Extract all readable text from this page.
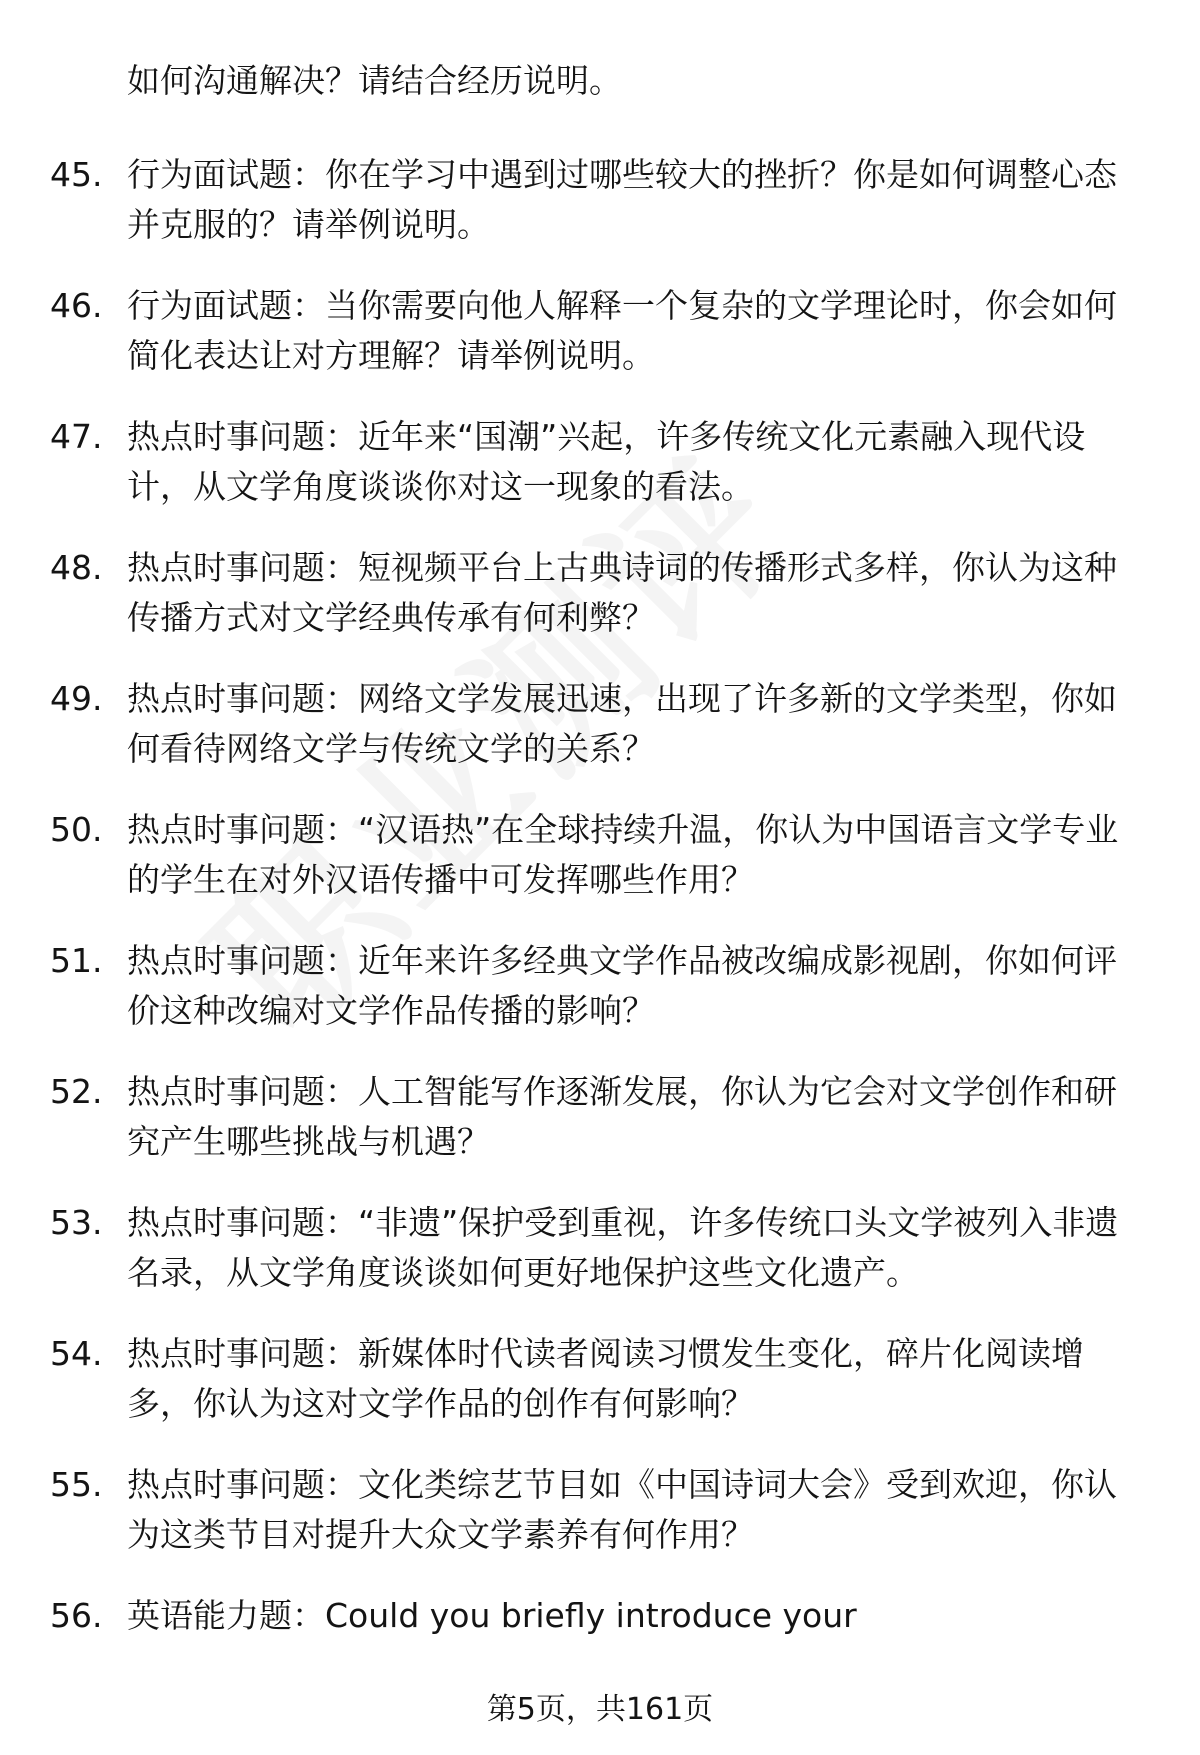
如何沟通解决？请结合经历说明。

45. 行为面试题：你在学习中遇到过哪些较大的挫折？你是如何调整心态并克服的？请举例说明。

46. 行为面试题：当你需要向他人解释一个复杂的文学理论时，你会如何简化表达让对方理解？请举例说明。

47. 热点时事问题：近年来“国潮”兴起，许多传统文化元素融入现代设计，从文学角度谈谈你对这一现象的看法。

48. 热点时事问题：短视频平台上古典诗词的传播形式多样，你认为这种传播方式对文学经典传承有何利弊？

49. 热点时事问题：网络文学发展迅速，出现了许多新的文学类型，你如何看待网络文学与传统文学的关系？

50. 热点时事问题：“汉语热”在全球持续升温，你认为中国语言文学专业的学生在对外汉语传播中可发挥哪些作用？

51. 热点时事问题：近年来许多经典文学作品被改编成影视剧，你如何评价这种改编对文学作品传播的影响？

52. 热点时事问题：人工智能写作逐渐发展，你认为它会对文学创作和研究产生哪些挑战与机遇？

53. 热点时事问题：“非遗”保护受到重视，许多传统口头文学被列入非遗名录，从文学角度谈谈如何更好地保护这些文化遗产。

54. 热点时事问题：新媒体时代读者阅读习惯发生变化，碎片化阅读增多，你认为这对文学作品的创作有何影响？

55. 热点时事问题：文化类综艺节目如《中国诗词大会》受到欢迎，你认为这类节目对提升大众文学素养有何作用？

56. 英语能力题：Could you briefly introduce your

第5页，共161页
